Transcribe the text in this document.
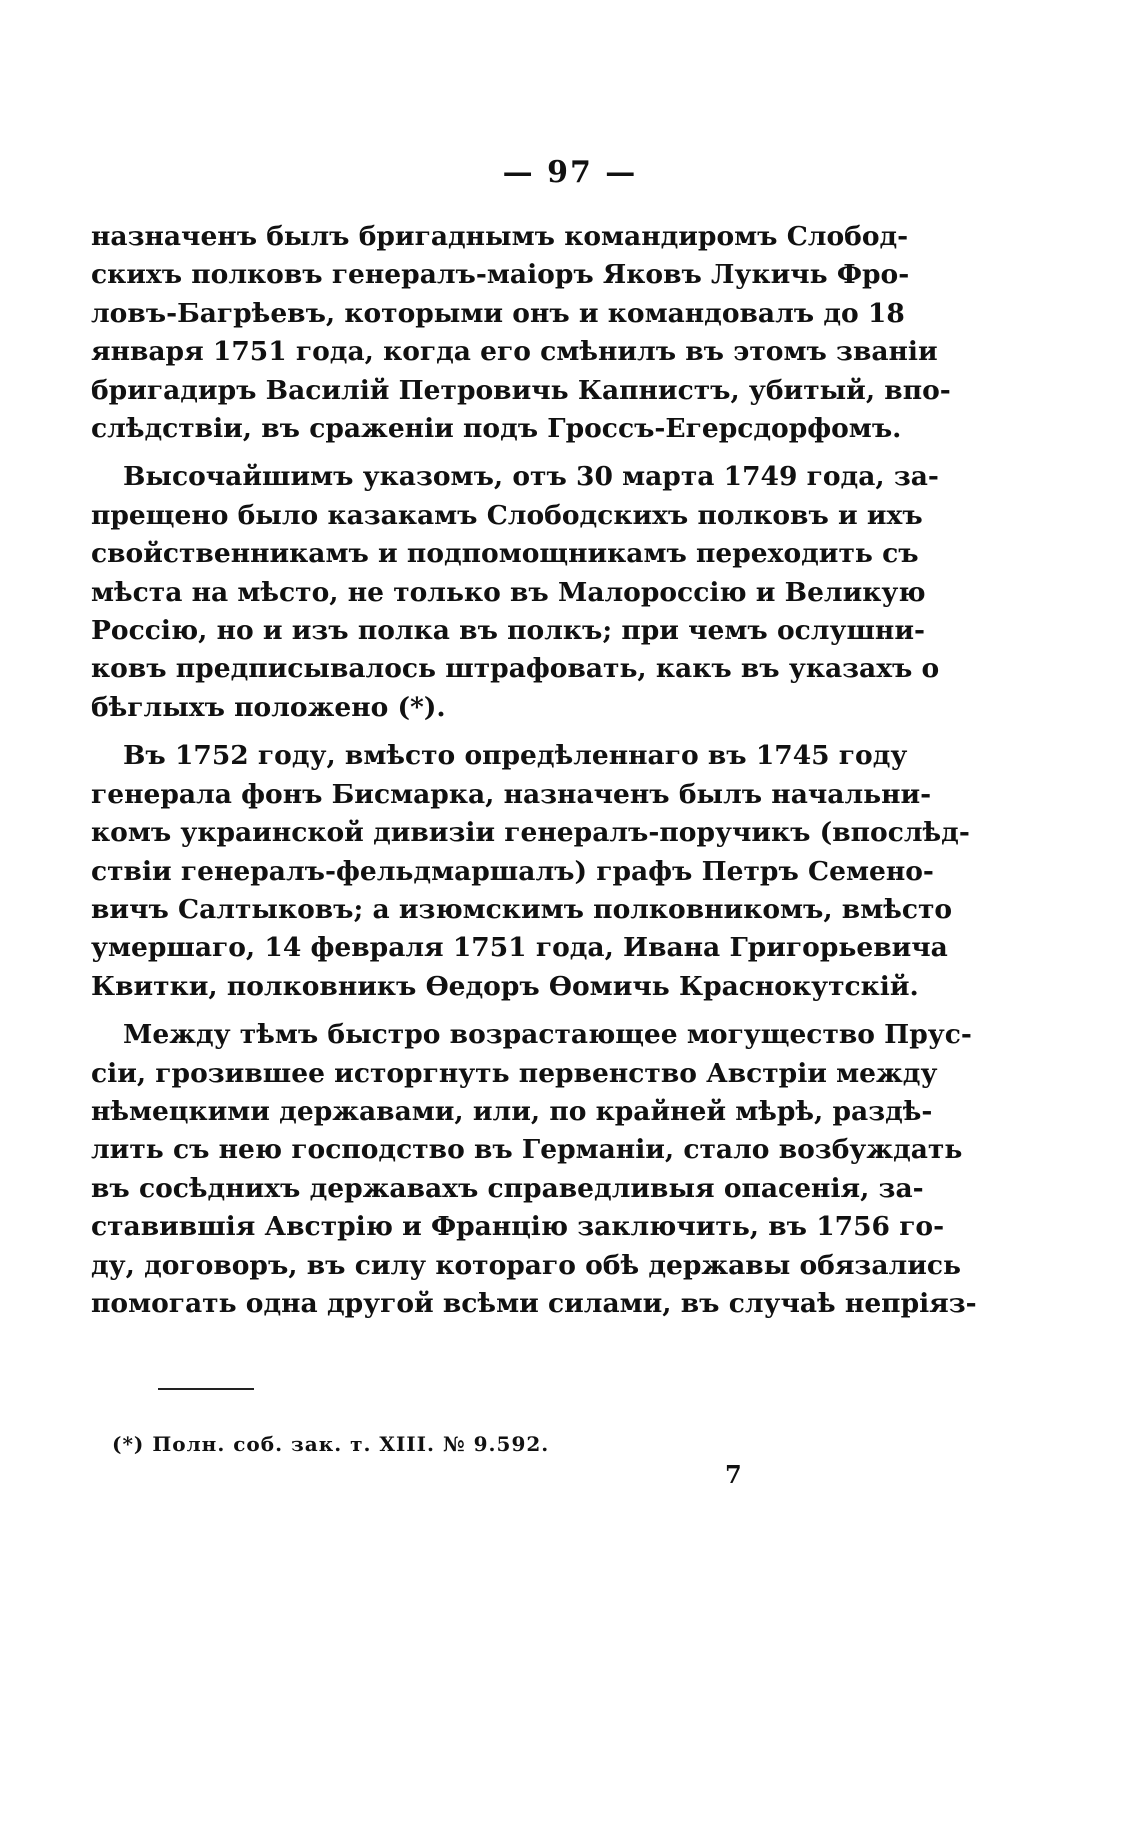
— 97 —

назначенъ былъ бригаднымъ командиромъ Слобод-
скихъ полковъ генералъ-маіоръ Яковъ Лукичь Фро-
ловъ-Багрѣевъ, которыми онъ и командовалъ до 18
января 1751 года, когда его смѣнилъ въ этомъ званіи
бригадиръ Василій Петровичь Капнистъ, убитый, впо-
слѣдствіи, въ сраженіи подъ Гроссъ-Егерсдорфомъ.

Высочайшимъ указомъ, отъ 30 марта 1749 года, за-
прещено было казакамъ Слободскихъ полковъ и ихъ
свойственникамъ и подпомощникамъ переходить съ
мѣста на мѣсто, не только въ Малороссію и Великую
Россію, но и изъ полка въ полкъ; при чемъ ослушни-
ковъ предписывалось штрафовать, какъ въ указахъ о
бѣглыхъ положено (*).

Въ 1752 году, вмѣсто опредѣленнаго въ 1745 году
генерала фонъ Бисмарка, назначенъ былъ начальни-
комъ украинской дивизіи генералъ-поручикъ (впослѣд-
ствіи генералъ-фельдмаршалъ) графъ Петръ Семено-
вичъ Салтыковъ; а изюмскимъ полковникомъ, вмѣсто
умершаго, 14 февраля 1751 года, Ивана Григорьевича
Квитки, полковникъ Ѳедоръ Ѳомичь Краснокутскій.

Между тѣмъ быстро возрастающее могущество Прус-
сіи, грозившее исторгнуть первенство Австріи между
нѣмецкими державами, или, по крайней мѣрѣ, раздѣ-
лить съ нею господство въ Германіи, стало возбуждать
въ сосѣднихъ державахъ справедливыя опасенія, за-
ставившія Австрію и Францію заключить, въ 1756 го-
ду, договоръ, въ силу котораго обѣ державы обязались
помогать одна другой всѣми силами, въ случаѣ непріяз-

(*) Полн. соб. зак. т. XIII. № 9.592.
7
